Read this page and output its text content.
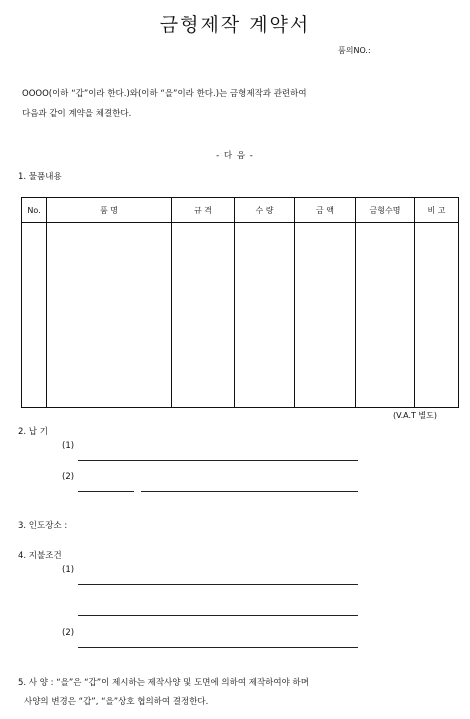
금형제작 계약서
품의NO.:
OOOO(이하 “갑”이라 한다.)와(이하 “을”이라 한다.)는 금형제작과 관련하여
다음과 같이 계약을 체결한다.
- 다 음 -
1. 물품내용
No.	품 명	규 격	수 량	금 액	금형수명	비 고

(V.A.T 별도)
2. 납 기
(1)
(2)
3. 인도장소 :
4. 지불조건
(1)
(2)
5. 사 양 : “을”은 “갑”이 제시하는 제작사양 및 도면에 의하여 제작하여야 하며
사양의 변경은 “갑”, “을”상호 협의하여 결정한다.
